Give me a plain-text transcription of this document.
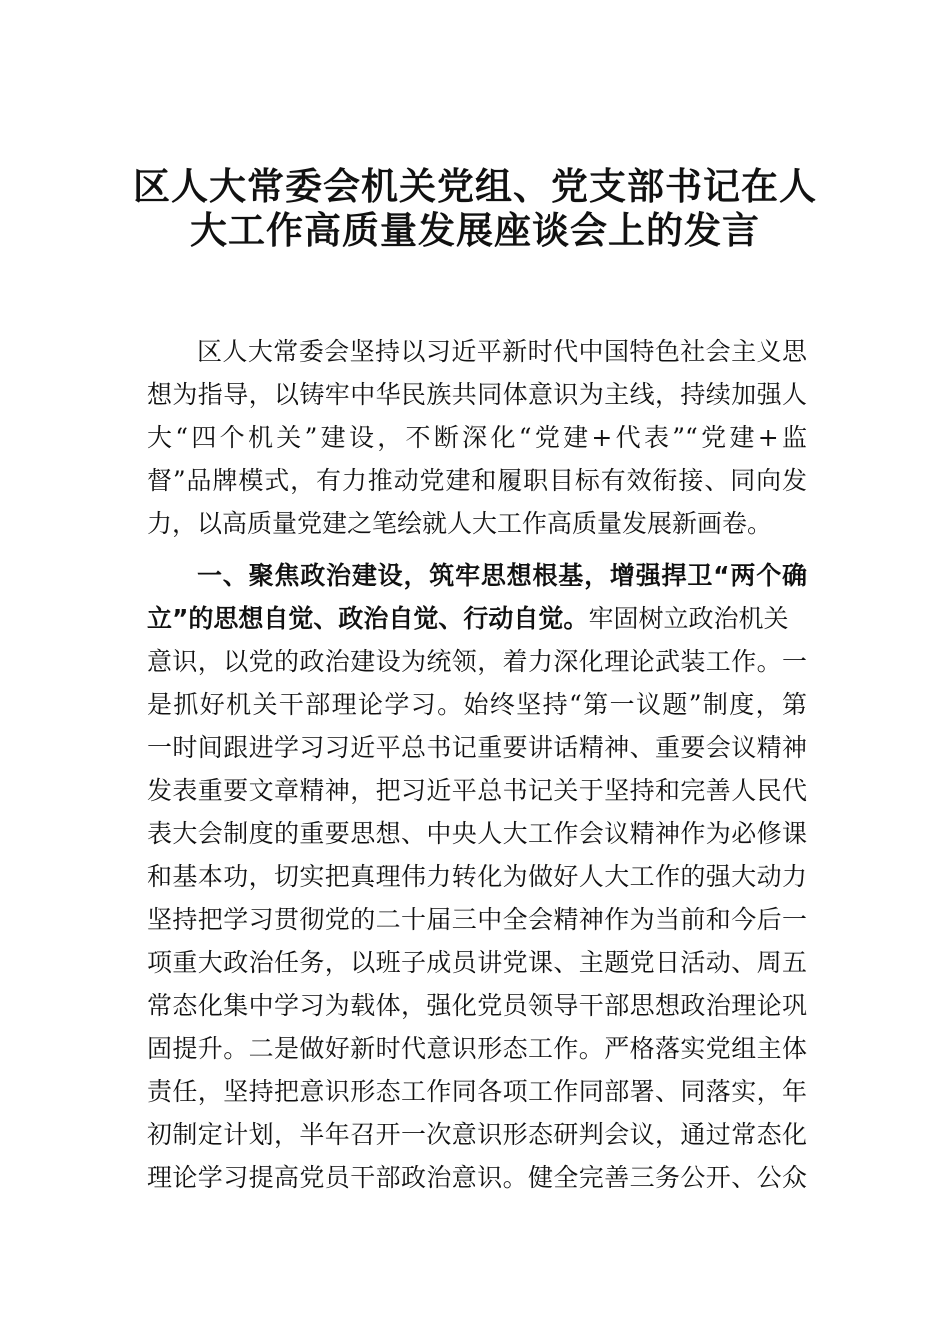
区人大常委会机关党组、党支部书记在人
大工作高质量发展座谈会上的发言
区人大常委会坚持以习近平新时代中国特色社会主义思
想为指导，以铸牢中华民族共同体意识为主线，持续加强人
大“四个机关”建设，不断深化“党建+代表”“党建+监
督”品牌模式，有力推动党建和履职目标有效衔接、同向发
力，以高质量党建之笔绘就人大工作高质量发展新画卷。
一、聚焦政治建设，筑牢思想根基，增强捍卫“两个确
立”的思想自觉、政治自觉、行动自觉。牢固树立政治机关
意识，以党的政治建设为统领，着力深化理论武装工作。一
是抓好机关干部理论学习。始终坚持“第一议题”制度，第
一时间跟进学习习近平总书记重要讲话精神、重要会议精神
发表重要文章精神，把习近平总书记关于坚持和完善人民代
表大会制度的重要思想、中央人大工作会议精神作为必修课
和基本功，切实把真理伟力转化为做好人大工作的强大动力
坚持把学习贯彻党的二十届三中全会精神作为当前和今后一
项重大政治任务，以班子成员讲党课、主题党日活动、周五
常态化集中学习为载体，强化党员领导干部思想政治理论巩
固提升。二是做好新时代意识形态工作。严格落实党组主体
责任，坚持把意识形态工作同各项工作同部署、同落实，年
初制定计划，半年召开一次意识形态研判会议，通过常态化
理论学习提高党员干部政治意识。健全完善三务公开、公众
